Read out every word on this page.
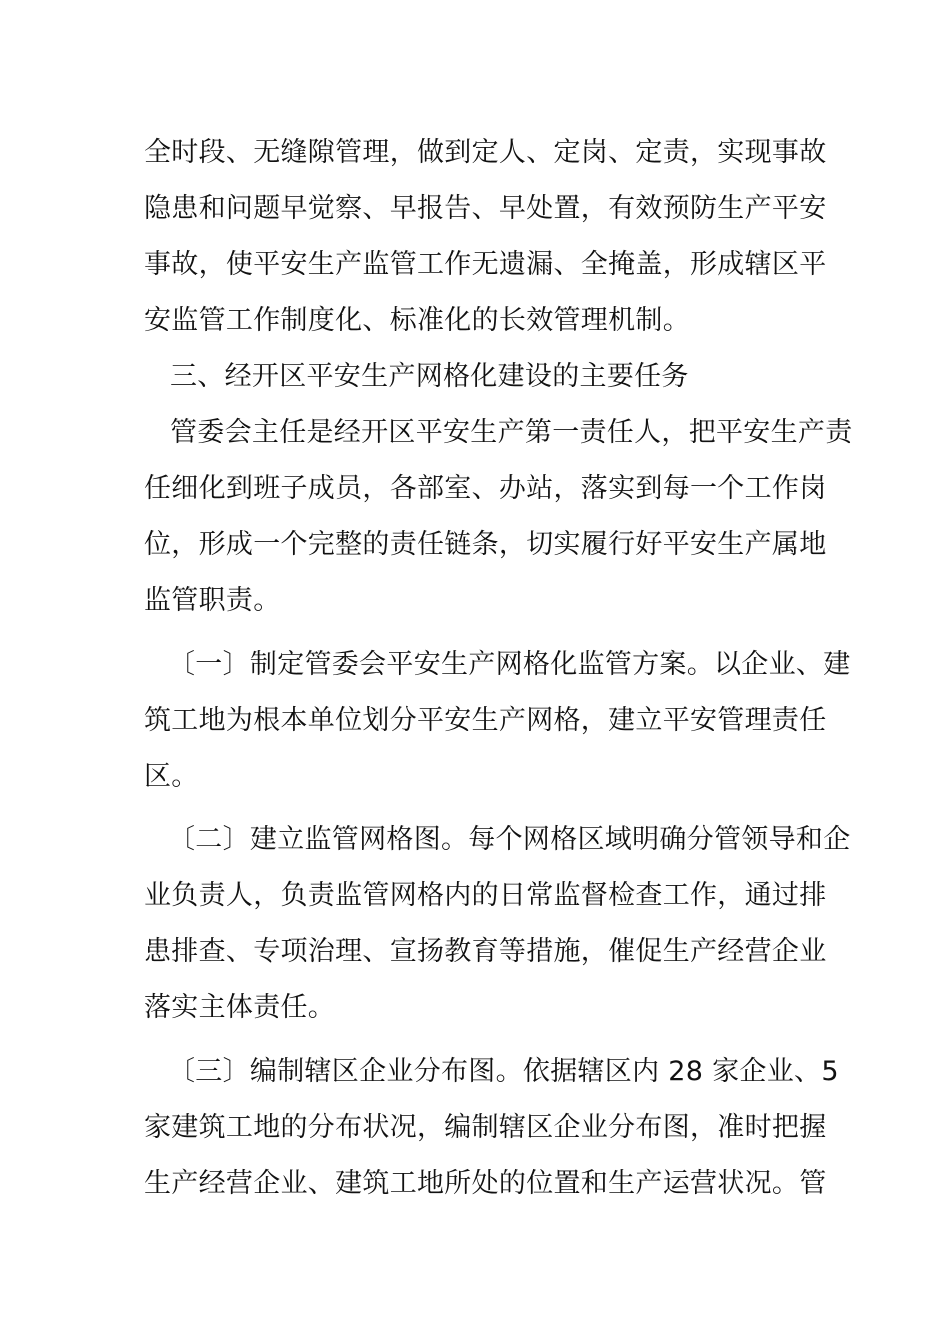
全时段、无缝隙管理，做到定人、定岗、定责，实现事故
隐患和问题早觉察、早报告、早处置，有效预防生产平安
事故，使平安生产监管工作无遗漏、全掩盖，形成辖区平
安监管工作制度化、标准化的长效管理机制。
三、经开区平安生产网格化建设的主要任务
管委会主任是经开区平安生产第一责任人，把平安生产责
任细化到班子成员，各部室、办站，落实到每一个工作岗
位，形成一个完整的责任链条，切实履行好平安生产属地
监管职责。
〔一〕制定管委会平安生产网格化监管方案。以企业、建
筑工地为根本单位划分平安生产网格，建立平安管理责任
区。
〔二〕建立监管网格图。每个网格区域明确分管领导和企
业负责人，负责监管网格内的日常监督检查工作，通过排
患排查、专项治理、宣扬教育等措施，催促生产经营企业
落实主体责任。
〔三〕编制辖区企业分布图。依据辖区内 28 家企业、5
家建筑工地的分布状况，编制辖区企业分布图，准时把握
生产经营企业、建筑工地所处的位置和生产运营状况。管
